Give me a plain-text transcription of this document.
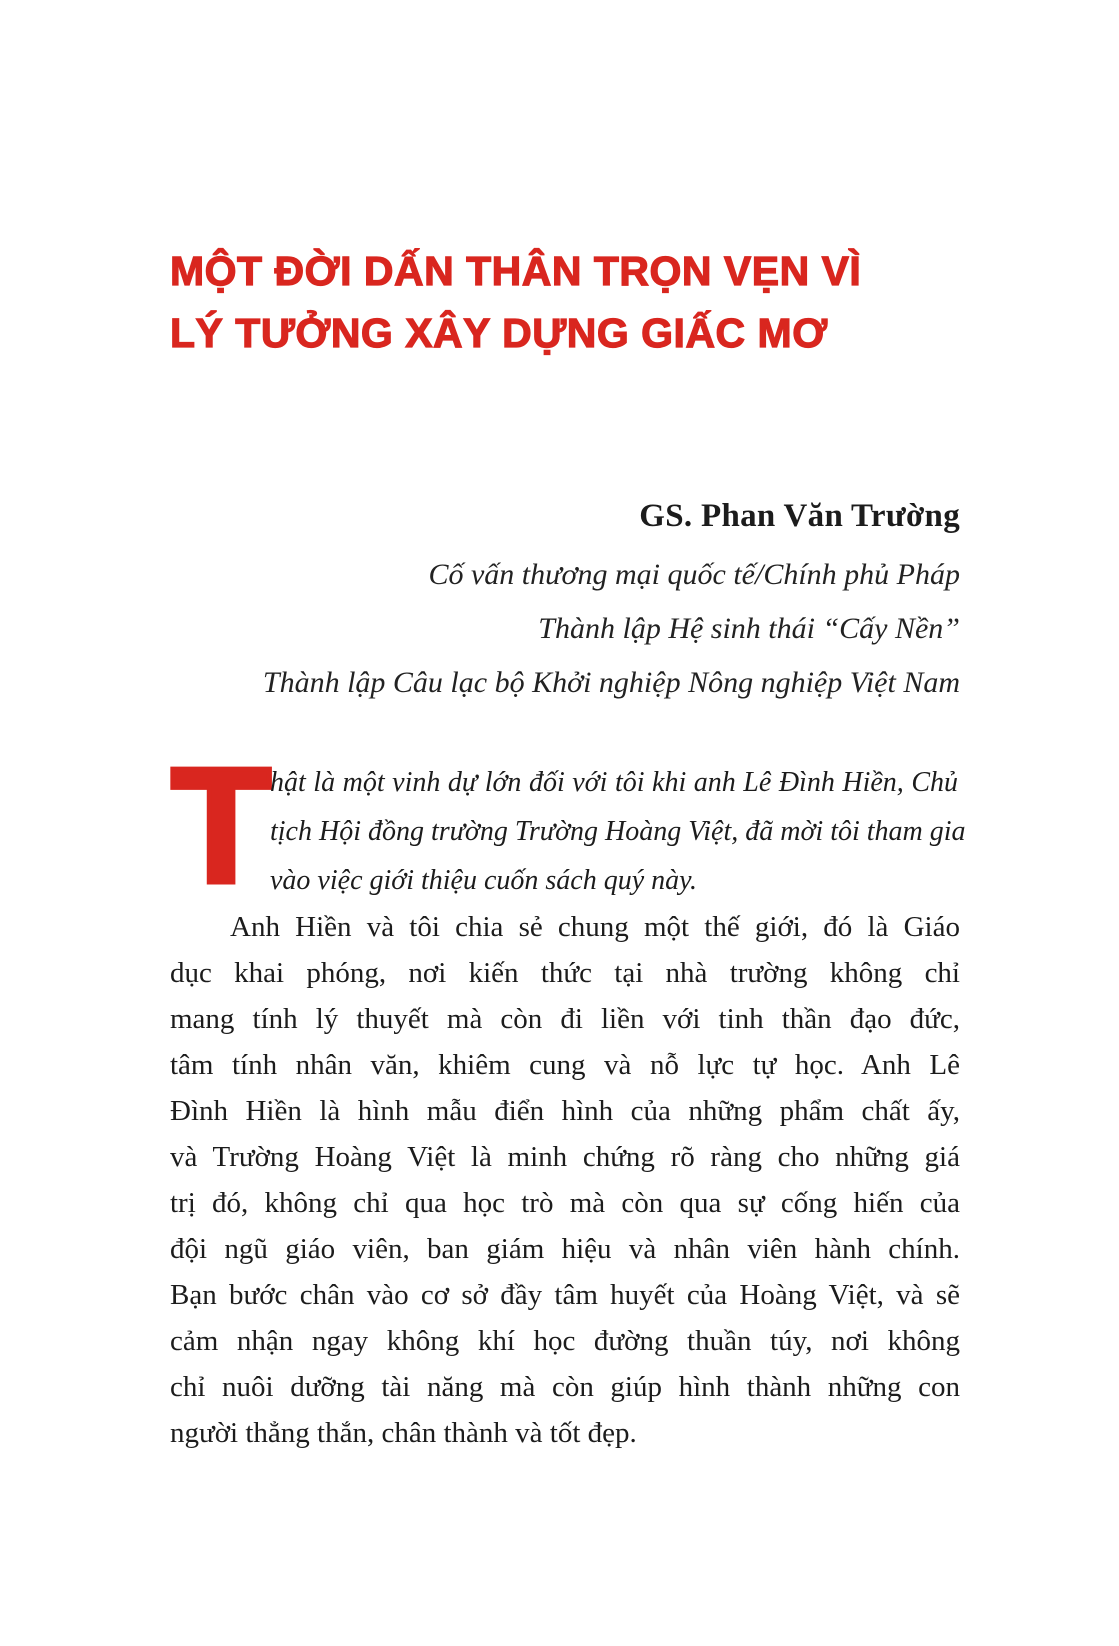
MỘT ĐỜI DẤN THÂN TRỌN VẸN VÌ
LÝ TƯỞNG XÂY DỰNG GIẤC MƠ
GS. Phan Văn Trường
Cố vấn thương mại quốc tế/Chính phủ Pháp
Thành lập Hệ sinh thái “Cấy Nền”
Thành lập Câu lạc bộ Khởi nghiệp Nông nghiệp Việt Nam
T
hật là một vinh dự lớn đối với tôi khi anh Lê Đình Hiền, Chủ
tịch Hội đồng trường Trường Hoàng Việt, đã mời tôi tham gia
vào việc giới thiệu cuốn sách quý này.
Anh Hiền và tôi chia sẻ chung một thế giới, đó là Giáo
dục khai phóng, nơi kiến thức tại nhà trường không chỉ
mang tính lý thuyết mà còn đi liền với tinh thần đạo đức,
tâm tính nhân văn, khiêm cung và nỗ lực tự học. Anh Lê
Đình Hiền là hình mẫu điển hình của những phẩm chất ấy,
và Trường Hoàng Việt là minh chứng rõ ràng cho những giá
trị đó, không chỉ qua học trò mà còn qua sự cống hiến của
đội ngũ giáo viên, ban giám hiệu và nhân viên hành chính.
Bạn bước chân vào cơ sở đầy tâm huyết của Hoàng Việt, và sẽ
cảm nhận ngay không khí học đường thuần túy, nơi không
chỉ nuôi dưỡng tài năng mà còn giúp hình thành những con
người thẳng thắn, chân thành và tốt đẹp.
